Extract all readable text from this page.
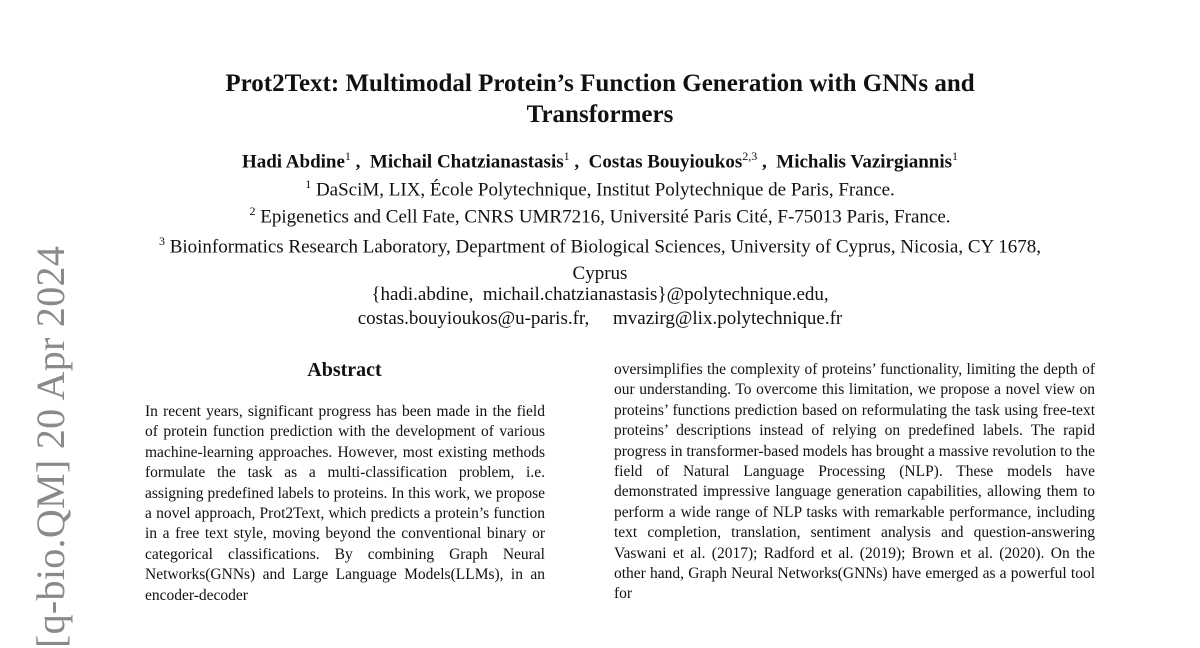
[q-bio.QM] 20 Apr 2024
Prot2Text: Multimodal Protein’s Function Generation with GNNs and Transformers
Hadi Abdine$^1$ ,  Michail Chatzianastasis$^1$ ,  Costas Bouyioukos$^{2,3}$ ,  Michalis Vazirgiannis$^1$
$^1$ DaSciM, LIX, École Polytechnique, Institut Polytechnique de Paris, France.
$^2$ Epigenetics and Cell Fate, CNRS UMR7216, Université Paris Cité, F-75013 Paris, France.
$^3$ Bioinformatics Research Laboratory, Department of Biological Sciences, University of Cyprus, Nicosia, CY 1678, Cyprus
{hadi.abdine,  michail.chatzianastasis}@polytechnique.edu,
costas.bouyioukos@u-paris.fr,     mvazirg@lix.polytechnique.fr
Abstract

In recent years, significant progress has been made in the field of protein function prediction with the development of various machine-learning approaches. However, most existing methods formulate the task as a multi-classification problem, i.e. assigning predefined labels to proteins. In this work, we propose a novel approach, Prot2Text, which predicts a protein’s function in a free text style, moving beyond the conventional binary or categorical classifications. By combining Graph Neural Networks(GNNs) and Large Language Models(LLMs), in an encoder-decoder

oversimplifies the complexity of proteins’ functionality, limiting the depth of our understanding. To overcome this limitation, we propose a novel view on proteins’ functions prediction based on reformulating the task using free-text proteins’ descriptions instead of relying on predefined labels. The rapid progress in transformer-based models has brought a massive revolution to the field of Natural Language Processing (NLP). These models have demonstrated impressive language generation capabilities, allowing them to perform a wide range of NLP tasks with remarkable performance, including text completion, translation, sentiment analysis and question-answering Vaswani et al. (2017); Radford et al. (2019); Brown et al. (2020). On the other hand, Graph Neural Networks(GNNs) have emerged as a powerful tool for
